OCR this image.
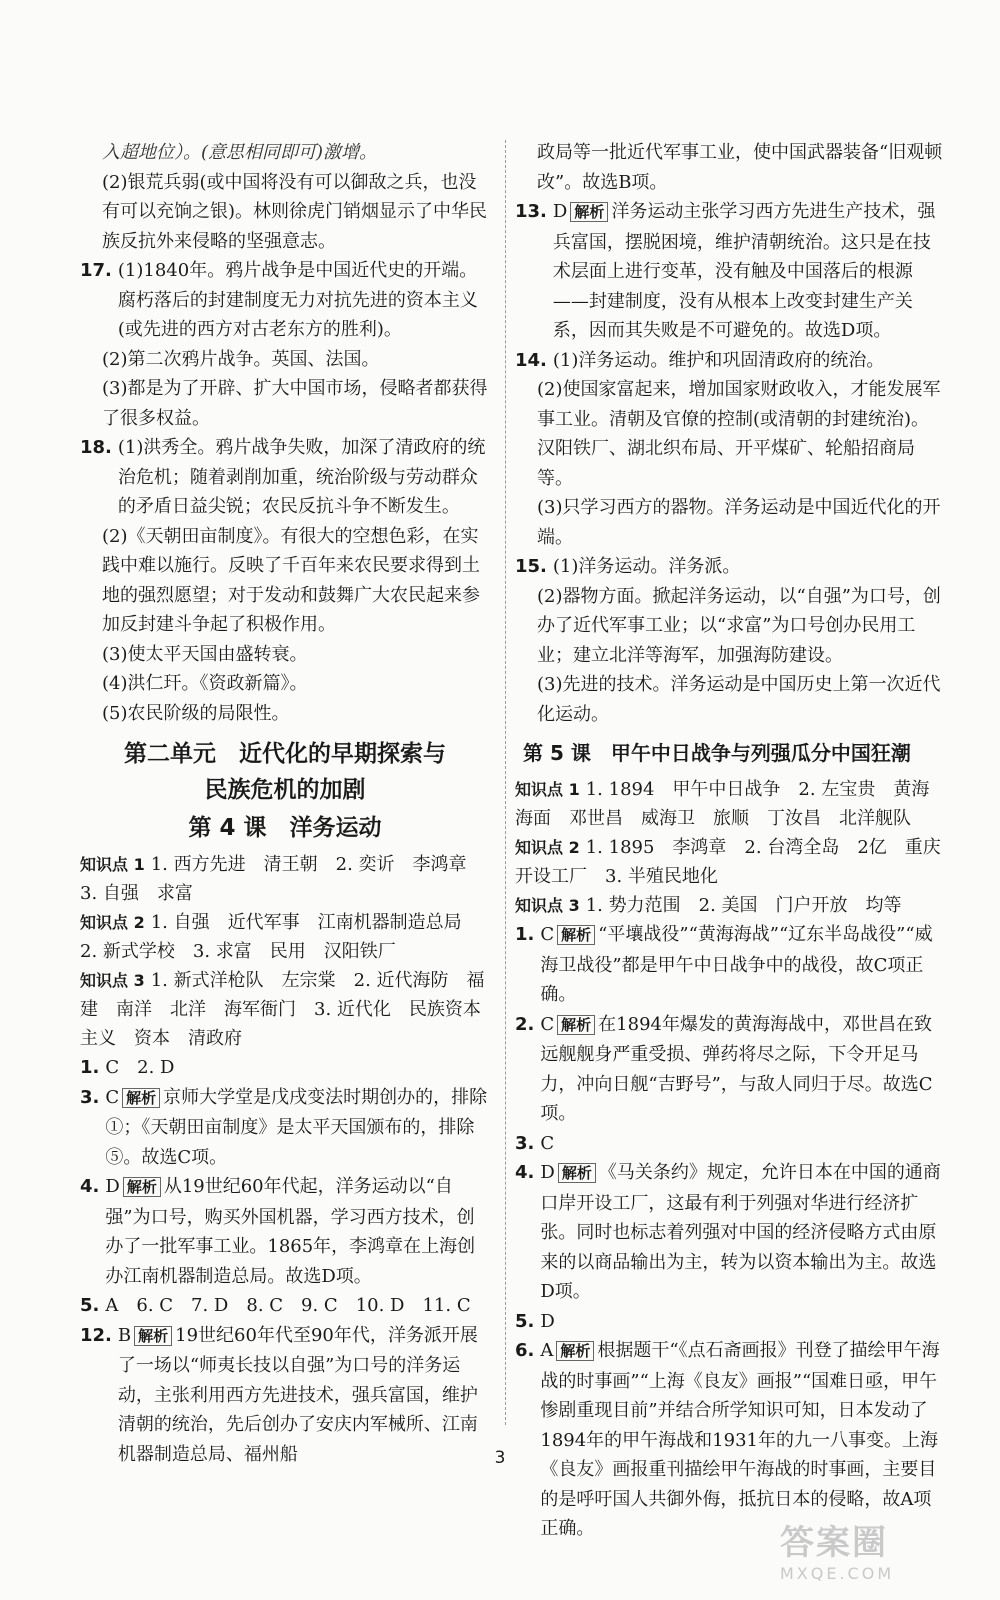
入超地位）。(意思相同即可)激增。
(2)银荒兵弱(或中国将没有可以御敌之兵，也没有可以充饷之银)。林则徐虎门销烟显示了中华民族反抗外来侵略的坚强意志。
17. (1)1840年。鸦片战争是中国近代史的开端。腐朽落后的封建制度无力对抗先进的资本主义(或先进的西方对古老东方的胜利)。
(2)第二次鸦片战争。英国、法国。
(3)都是为了开辟、扩大中国市场，侵略者都获得了很多权益。
18. (1)洪秀全。鸦片战争失败，加深了清政府的统治危机；随着剥削加重，统治阶级与劳动群众的矛盾日益尖锐；农民反抗斗争不断发生。
(2)《天朝田亩制度》。有很大的空想色彩，在实践中难以施行。反映了千百年来农民要求得到土地的强烈愿望；对于发动和鼓舞广大农民起来参加反封建斗争起了积极作用。
(3)使太平天国由盛转衰。
(4)洪仁玕。《资政新篇》。
(5)农民阶级的局限性。
第二单元　近代化的早期探索与
民族危机的加剧
第 4 课　洋务运动
知识点 1 1. 西方先进　清王朝　2. 奕䜣　李鸿章　3. 自强　求富
知识点 2 1. 自强　近代军事　江南机器制造总局　2. 新式学校　3. 求富　民用　汉阳铁厂
知识点 3 1. 新式洋枪队　左宗棠　2. 近代海防　福建　南洋　北洋　海军衙门　3. 近代化　民族资本主义　资本　清政府
1. C　2. D
3. C 解析 京师大学堂是戊戌变法时期创办的，排除①；《天朝田亩制度》是太平天国颁布的，排除⑤。故选C项。
4. D 解析 从19世纪60年代起，洋务运动以“自强”为口号，购买外国机器，学习西方技术，创办了一批军事工业。1865年，李鸿章在上海创办江南机器制造总局。故选D项。
5. A　6. C　7. D　8. C　9. C　10. D　11. C
12. B 解析 19世纪60年代至90年代，洋务派开展了一场以“师夷长技以自强”为口号的洋务运动，主张利用西方先进技术，强兵富国，维护清朝的统治，先后创办了安庆内军械所、江南机器制造总局、福州船
政局等一批近代军事工业，使中国武器装备“旧观顿改”。故选B项。
13. D 解析 洋务运动主张学习西方先进生产技术，强兵富国，摆脱困境，维护清朝统治。这只是在技术层面上进行变革，没有触及中国落后的根源——封建制度，没有从根本上改变封建生产关系，因而其失败是不可避免的。故选D项。
14. (1)洋务运动。维护和巩固清政府的统治。
(2)使国家富起来，增加国家财政收入，才能发展军事工业。清朝及官僚的控制(或清朝的封建统治)。汉阳铁厂、湖北织布局、开平煤矿、轮船招商局等。
(3)只学习西方的器物。洋务运动是中国近代化的开端。
15. (1)洋务运动。洋务派。
(2)器物方面。掀起洋务运动，以“自强”为口号，创办了近代军事工业；以“求富”为口号创办民用工业；建立北洋等海军，加强海防建设。
(3)先进的技术。洋务运动是中国历史上第一次近代化运动。
第 5 课　甲午中日战争与列强瓜分中国狂潮
知识点 1 1. 1894　甲午中日战争　2. 左宝贵　黄海海面　邓世昌　威海卫　旅顺　丁汝昌　北洋舰队
知识点 2 1. 1895　李鸿章　2. 台湾全岛　2亿　重庆开设工厂　3. 半殖民地化
知识点 3 1. 势力范围　2. 美国　门户开放　均等
1. C 解析 “平壤战役”“黄海海战”“辽东半岛战役”“威海卫战役”都是甲午中日战争中的战役，故C项正确。
2. C 解析 在1894年爆发的黄海海战中，邓世昌在致远舰舰身严重受损、弹药将尽之际，下令开足马力，冲向日舰“吉野号”，与敌人同归于尽。故选C项。
3. C
4. D 解析 《马关条约》规定，允许日本在中国的通商口岸开设工厂，这最有利于列强对华进行经济扩张。同时也标志着列强对中国的经济侵略方式由原来的以商品输出为主，转为以资本输出为主。故选D项。
5. D
6. A 解析 根据题干“《点石斋画报》刊登了描绘甲午海战的时事画”“上海《良友》画报”“国难日亟，甲午惨剧重现目前”并结合所学知识可知，日本发动了1894年的甲午海战和1931年的九一八事变。上海《良友》画报重刊描绘甲午海战的时事画，主要目的是呼吁国人共御外侮，抵抗日本的侵略，故A项正确。
3
答案圈
MXQE.COM
